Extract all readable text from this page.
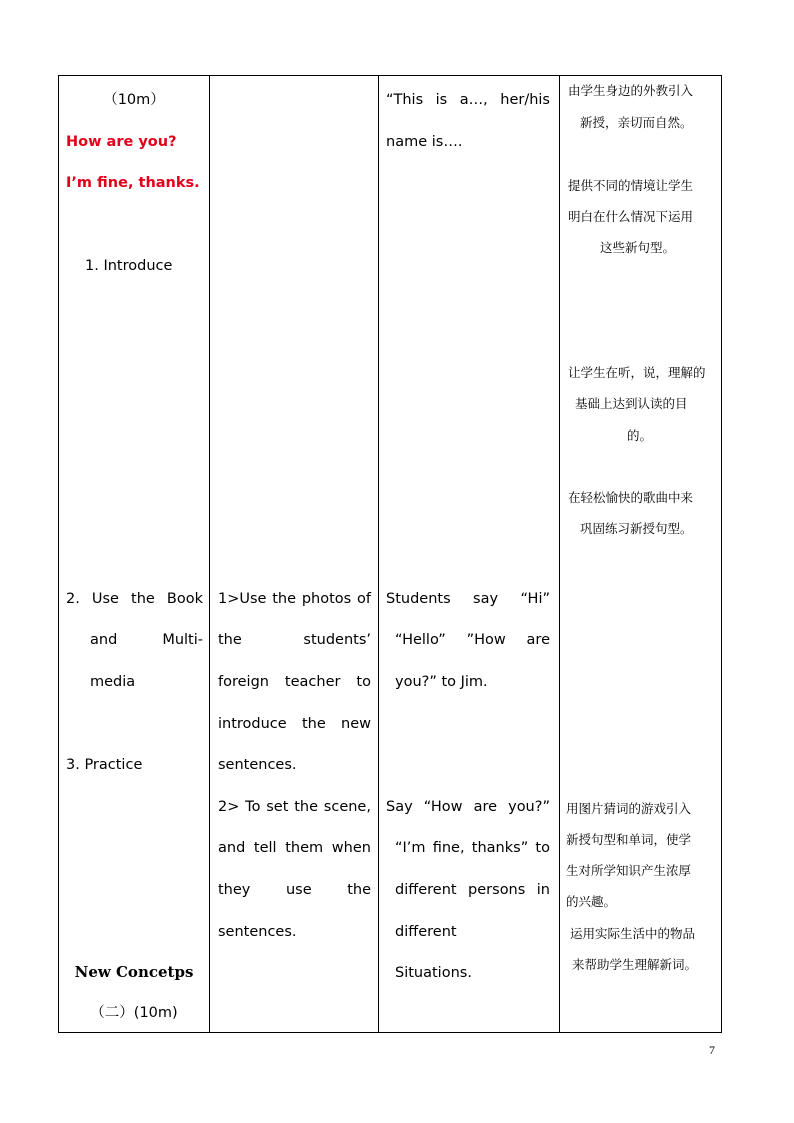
（10m）
How are you?
I’m fine, thanks.
1. Introduce
2. Use the Book
and	Multi-
media
3. Practice
New Concetps
（二）(10m)

1>Use the photos of
the	students’
foreign teacher to
introduce the new
sentences.
2> To set the scene,
and tell them when
they use the
sentences.

“This is a…, her/his
name is….
Students say “Hi”
“Hello” ”How are
you?” to Jim.
Say “How are you?”
“I’m fine, thanks” to
different persons in
different
Situations.

由学生身边的外教引入
新授，亲切而自然。
提供不同的情境让学生
明白在什么情况下运用
这些新句型。
让学生在听，说，理解的
基础上达到认读的目
的。
在轻松愉快的歌曲中来
巩固练习新授句型。
用图片猜词的游戏引入
新授句型和单词，使学
生对所学知识产生浓厚
的兴趣。
运用实际生活中的物品
来帮助学生理解新词。
7
